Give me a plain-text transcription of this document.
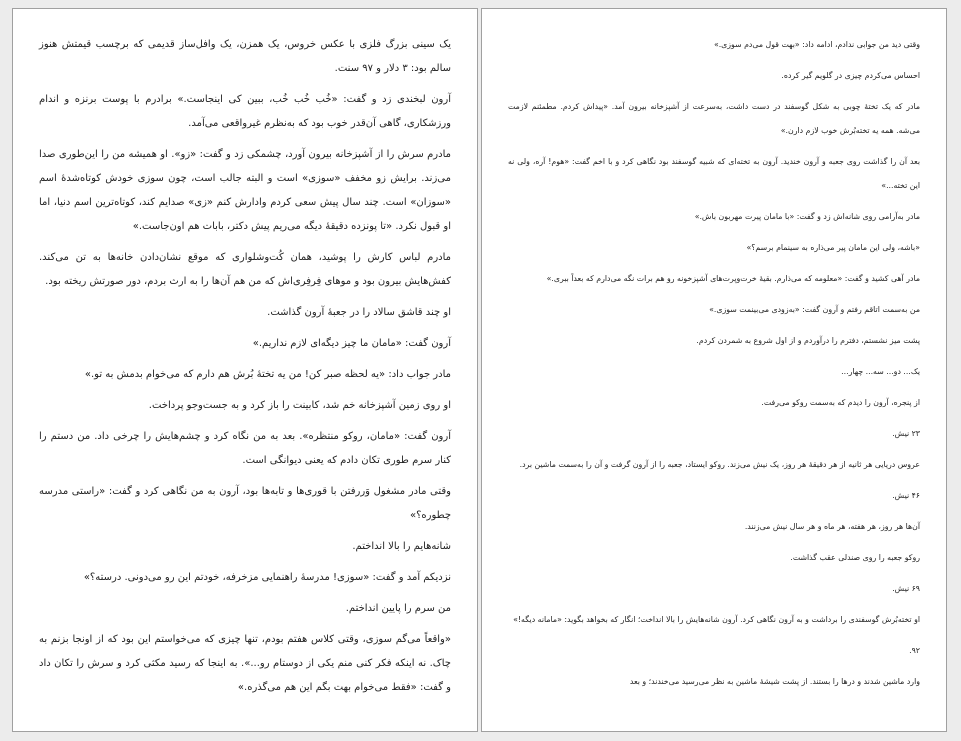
یک سینی بزرگ فلزی با عکس خروس، یک همزن، یک وافل‌ساز قدیمی که برچسب قیمتش هنوز سالم بود: ۳ دلار و ۹۷ سنت.

آرون لبخندی زد و گفت: «خُب خُب خُب، ببین کی اینجاست.» برادرم با پوست برنزه و اندام ورزشکاری، گاهی آن‌قدر خوب بود که به‌نظرم غیرواقعی می‌آمد.

مادرم سرش را از آشپزخانه بیرون آورد، چشمکی زد و گفت: «زو». او همیشه من را این‌طوری صدا می‌زند. برایش زو مخفف «سوزی» است و البته جالب است، چون سوزی خودش کوتاه‌شدهٔ اسم «سوزان» است. چند سال پیش سعی کردم وادارش کنم «زی» صدایم کند، کوتاه‌ترین اسم دنیا، اما او قبول نکرد. «تا پونزده دقیقهٔ دیگه می‌ریم پیش دکتر، بابات هم اون‌جاست.»

مادرم لباس کارش را پوشید، همان کُت‌وشلواری که موقع نشان‌دادن خانه‌ها به تن می‌کند. کفش‌هایش بیرون بود و موهای فِرفِری‌اش که من هم آن‌ها را به ارث بردم، دور صورتش ریخته بود.

او چند قاشق سالاد را در جعبهٔ آرون گذاشت.

آرون گفت: «مامان ما چیز دیگه‌ای لازم نداریم.»

مادر جواب داد: «یه لحظه صبر کن! من یه تختهٔ بُرش هم دارم که می‌خوام بدمش به تو.»

او روی زمین آشپزخانه خم شد، کابینت را باز کرد و به جست‌وجو پرداخت.

آرون گفت: «مامان، روکو منتظره». بعد به من نگاه کرد و چشم‌هایش را چرخی داد. من دستم را کنار سرم طوری تکان دادم که یعنی دیوانگی است.

وقتی مادر مشغول وَررفتن با قوری‌ها و تابه‌ها بود، آرون به من نگاهی کرد و گفت: «راستی مدرسه چطوره؟»

شانه‌هایم را بالا انداختم.

نزدیکم آمد و گفت: «سوزی! مدرسهٔ راهنمایی مزخرفه، خودتم این رو می‌دونی. درسته؟»

من سرم را پایین انداختم.

«واقعاً می‌گم سوزی، وقتی کلاس هفتم بودم، تنها چیزی که می‌خواستم این بود که از اونجا بزنم به چاک. نه اینکه فکر کنی منم یکی از دوستام رو...». به اینجا که رسید مکثی کرد و سرش را تکان داد و گفت: «فقط می‌خوام بهت بگم این هم می‌گذره.»

وقتی دید من جوابی ندادم، ادامه داد: «بهت قول می‌دم سوزی.»

احساس می‌کردم چیزی در گلویم گیر کرده.

مادر که یک تختهٔ چوبی به شکل گوسفند در دست داشت، به‌سرعت از آشپزخانه بیرون آمد. «پیداش کردم. مطمئنم لازمت می‌شه. همه یه تخته‌بُرش خوب لازم دارن.»

بعد آن را گذاشت روی جعبه و آرون خندید. آرون به تخته‌ای که شبیه گوسفند بود نگاهی کرد و با اخم گفت: «هوم! آره، ولی نه این تخته...»

مادر به‌آرامی روی شانه‌اش زد و گفت: «با مامان پیرت مهربون باش.»

«باشه، ولی این مامان پیر می‌ذاره به سینمام برسم؟»

مادر آهی کشید و گفت: «معلومه که می‌ذارم. بقیهٔ خرت‌وپرت‌های آشپزخونه رو هم برات نگه می‌دارم که بعداً ببری.»

من به‌سمت اتاقم رفتم و آرون گفت: «به‌زودی می‌بینمت سوزی.»

پشت میز نشستم، دفترم را درآوردم و از اول شروع به شمردن کردم.

یک... دو... سه... چهار...

از پنجره، آرون را دیدم که به‌سمت روکو می‌رفت.

۲۳ نیش.

عروس دریایی هر ثانیه از هر دقیقهٔ هر روز، یک نیش می‌زند. روکو ایستاد، جعبه را از آرون گرفت و آن را به‌سمت ماشین برد.

۴۶ نیش.

آن‌ها هر روز، هر هفته، هر ماه و هر سال نیش می‌زنند.

روکو جعبه را روی صندلی عقب گذاشت.

۶۹ نیش.

او تخته‌بُرش گوسفندی را برداشت و به آرون نگاهی کرد. آرون شانه‌هایش را بالا انداخت؛ انگار که بخواهد بگوید: «مامانه دیگه!»

۹۲.

وارد ماشین شدند و درها را بستند. از پشت شیشهٔ ماشین به نظر می‌رسید می‌خندند؛ و بعد
